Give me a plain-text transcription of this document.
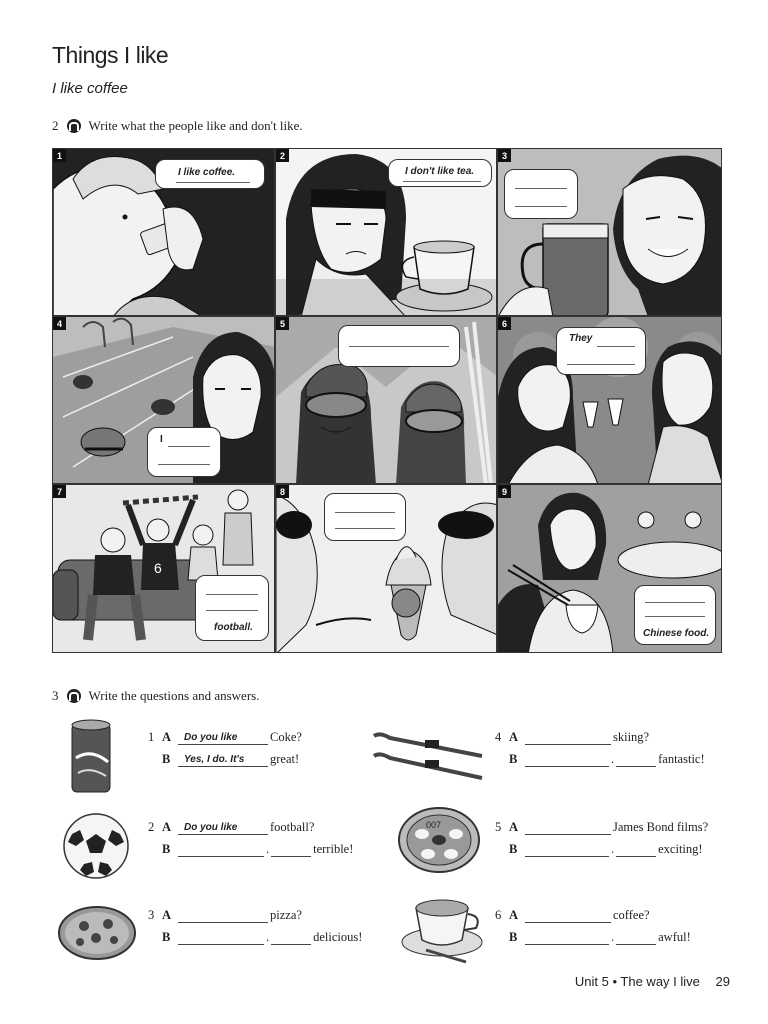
Things I like
I like coffee
2 Write what the people like and don't like.
1
I like coffee.
2
I don't like tea.
3
4
I
5	6
They
7
6
football.
8	9
Chinese food.
3 Write the questions and answers.
007
1 A	Do you like	Coke?
B	Yes, I do. It's great!
2 A	Do you like	football?
B	.	terrible!
3 A	pizza?
B	.	delicious!
4 A	skiing?
B	.	fantastic!
5 A	James Bond films?
B	.	exciting!
6 A	coffee?
B	.	awful!
Unit 5 • The way I live 29
